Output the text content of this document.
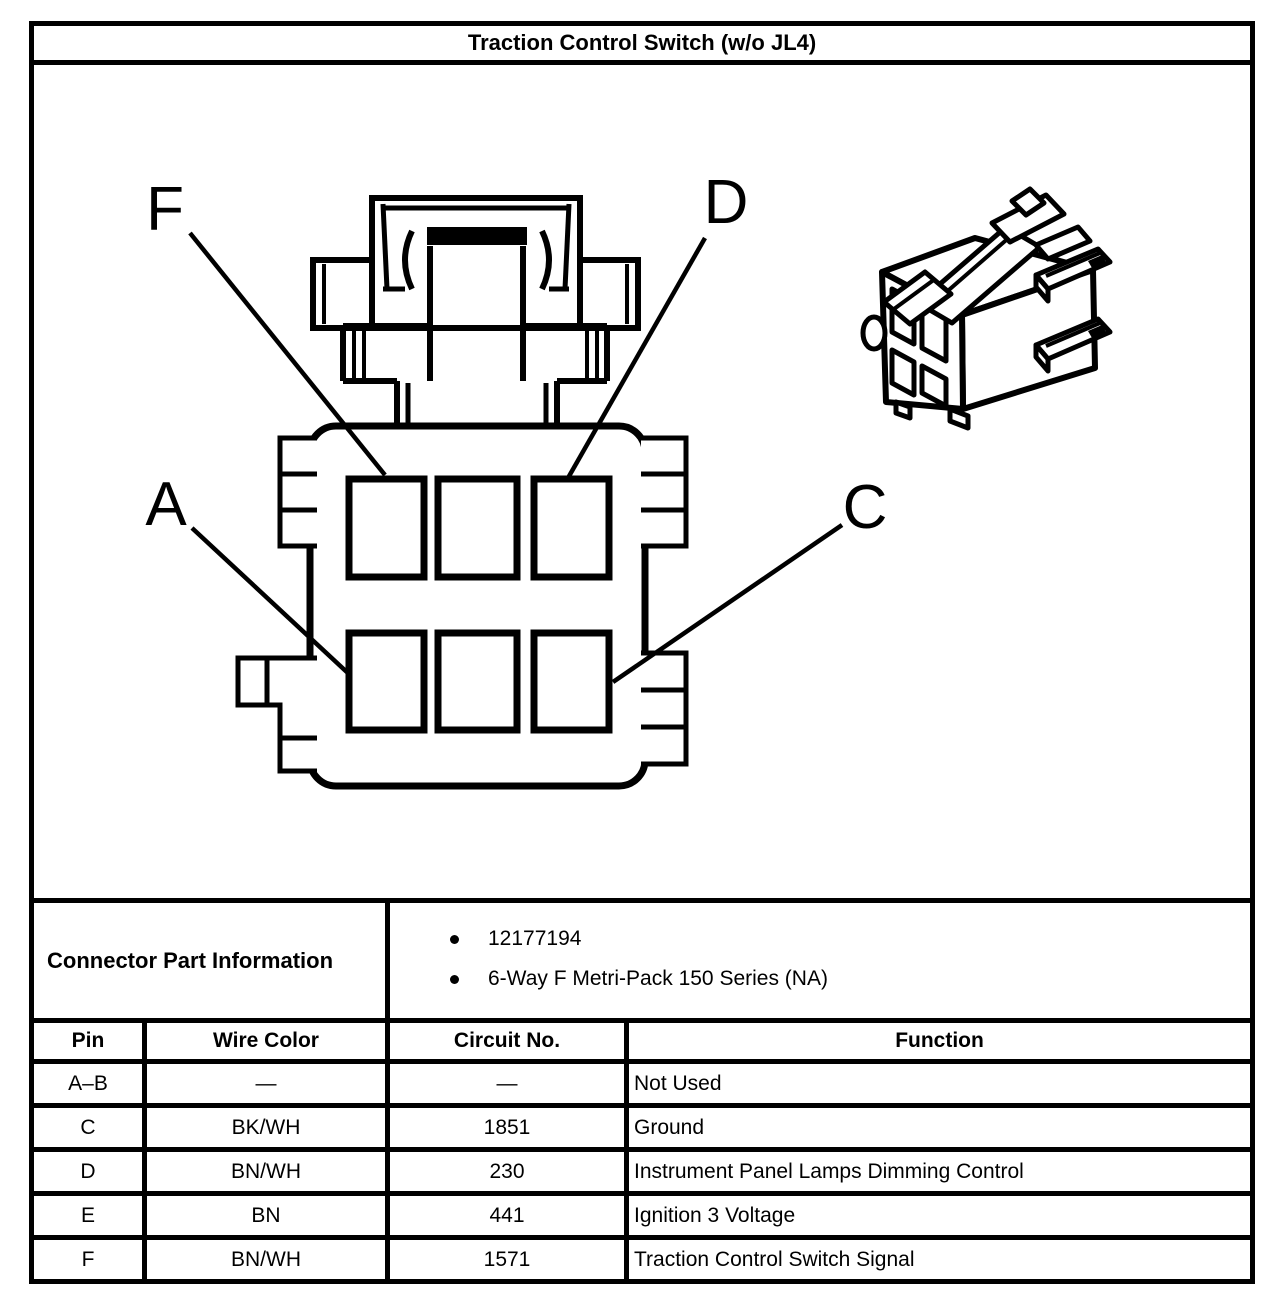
Traction Control Switch (w/o JL4)			

F D
A C			

Connector Part Information		12177194
6-Way F Metri-Pack 150 Series (NA)	

Pin	Wire Color	Circuit No.	Function
A–B	—	—	Not Used
C	BK/WH	1851	Ground
D	BN/WH	230	Instrument Panel Lamps Dimming Control
E	BN	441	Ignition 3 Voltage
F	BN/WH	1571	Traction Control Switch Signal
